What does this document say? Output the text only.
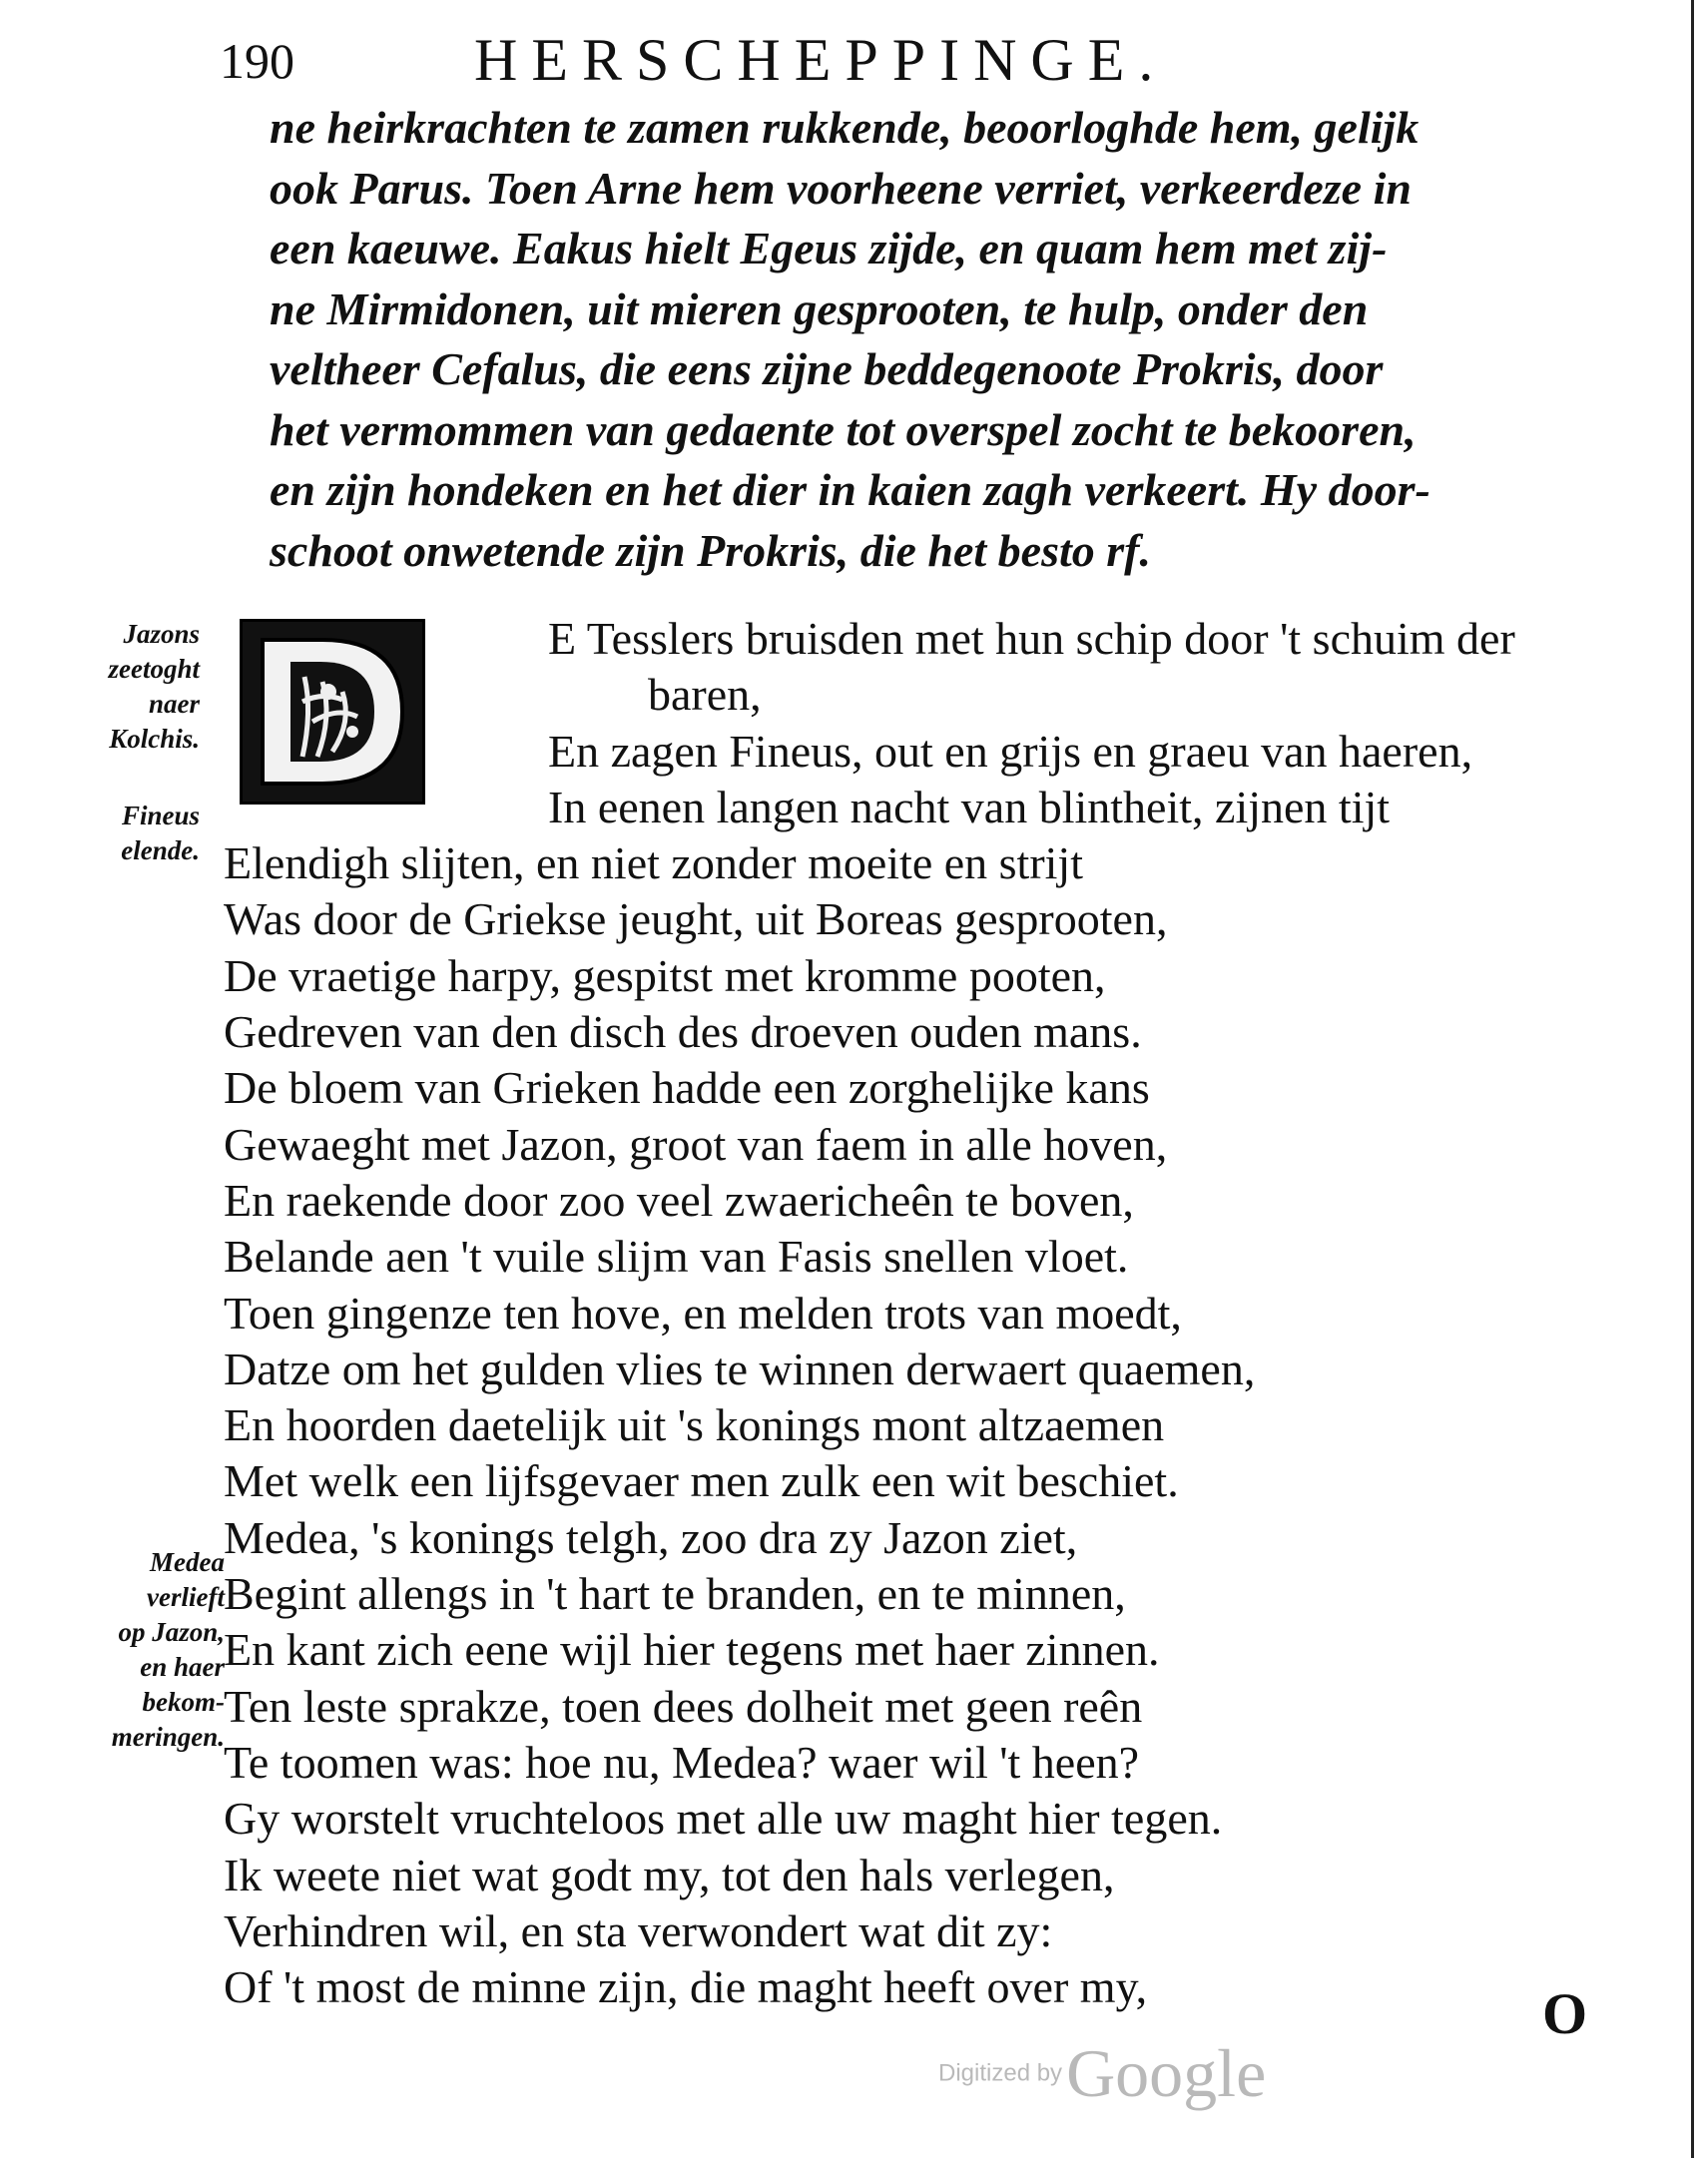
190	HERSCHEPPINGE.
ne heirkrachten te zamen rukkende, beoorloghde hem, gelijk
ook Parus. Toen Arne hem voorheene verriet, verkeerdeze in
een kaeuwe. Eakus hielt Egeus zijde, en quam hem met zij-
ne Mirmidonen, uit mieren gesprooten, te hulp, onder den
veltheer Cefalus, die eens zijne beddegenoote Prokris, door
het vermommen van gedaente tot overspel zocht te bekooren,
en zijn hondeken en het dier in kaien zagh verkeert. Hy door-
schoot onwetende zijn Prokris, die het besto rf.
E Tesslers bruisden met hun schip door 't schuim der
baren,
En zagen Fineus, out en grijs en graeu van haeren,
In eenen langen nacht van blintheit, zijnen tijt
Elendigh slijten, en niet zonder moeite en strijt
Was door de Griekse jeught, uit Boreas gesprooten,
De vraetige harpy, gespitst met kromme pooten,
Gedreven van den disch des droeven ouden mans.
De bloem van Grieken hadde een zorghelijke kans
Gewaeght met Jazon, groot van faem in alle hoven,
En raekende door zoo veel zwaericheên te boven,
Belande aen 't vuile slijm van Fasis snellen vloet.
Toen gingenze ten hove, en melden trots van moedt,
Datze om het gulden vlies te winnen derwaert quaemen,
En hoorden daetelijk uit 's konings mont altzaemen
Met welk een lijfsgevaer men zulk een wit beschiet.
Medea, 's konings telgh, zoo dra zy Jazon ziet,
Begint allengs in 't hart te branden, en te minnen,
En kant zich eene wijl hier tegens met haer zinnen.
Ten leste sprakze, toen dees dolheit met geen reên
Te toomen was: hoe nu, Medea? waer wil 't heen?
Gy worstelt vruchteloos met alle uw maght hier tegen.
Ik weete niet wat godt my, tot den hals verlegen,
Verhindren wil, en sta verwondert wat dit zy:
Of 't most de minne zijn, die maght heeft over my,
Jazons
zeetoght
naer
Kolchis.
Fineus
elende.
Medea
verlieft
op Jazon,
en haer
bekom-
meringen.
O
Digitized by Google
